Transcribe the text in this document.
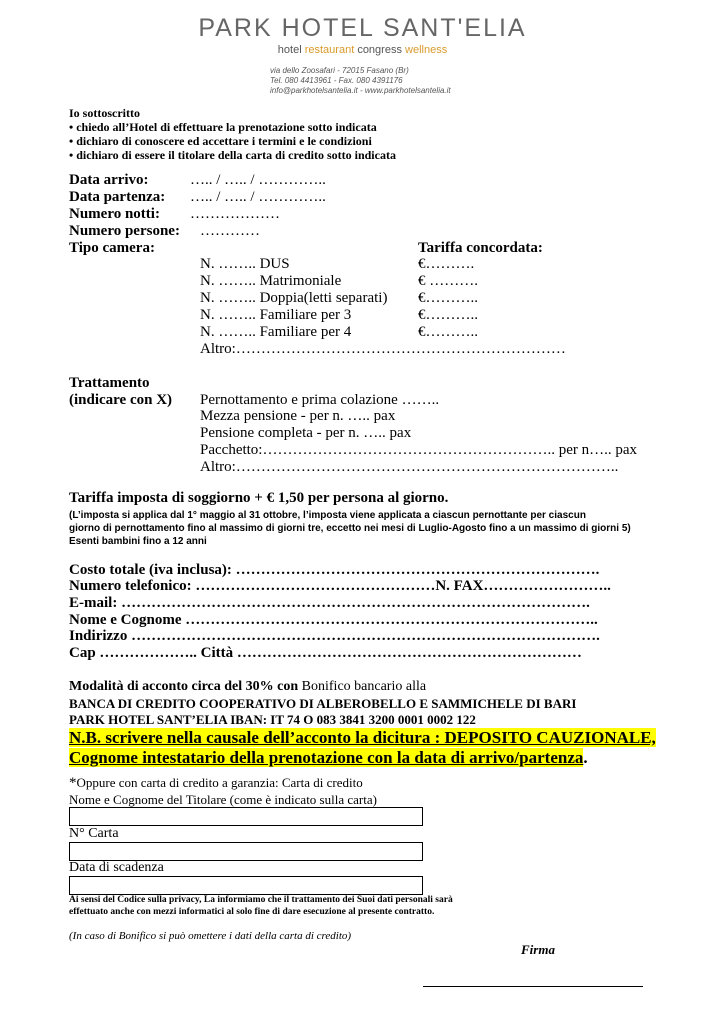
PARK HOTEL SANT'ELIA
hotel restaurant congress wellness
via dello Zoosafari - 72015 Fasano (Br)
Tel. 080 4413961 - Fax. 080 4391176
info@parkhotelsantelia.it - www.parkhotelsantelia.it
Io sottoscritto
• chiedo all’Hotel di effettuare la prenotazione sotto indicata
• dichiaro di conoscere ed accettare i termini e le condizioni
• dichiaro di essere il titolare della carta di credito sotto indicata
Data arrivo:	….. / ….. / …………..
Data partenza: ….. / ….. / …………..
Numero notti: ………………
Numero persone: …………
Tipo camera:	Tariffa concordata:
N. …….. DUS	€……….
N. …….. Matrimoniale	€ ……….
N. …….. Doppia(letti separati) €………..
N. …….. Familiare per 3	€………..
N. …….. Familiare per 4	€………..
Altro:…………………………………………………………
Trattamento
(indicare con X) Pernottamento e prima colazione ……..
Mezza pensione - per n. ….. pax
Pensione completa - per n. ….. pax
Pacchetto:………………………………………………….. per n….. pax
Altro:…………………………………………………………………..
Tariffa imposta di soggiorno + € 1,50 per persona al giorno.
(L’imposta si applica dal 1° maggio al 31 ottobre, l’imposta viene applicata a ciascun pernottante per ciascun
giorno di pernottamento fino al massimo di giorni tre, eccetto nei mesi di Luglio-Agosto fino a un massimo di giorni 5)
Esenti bambini fino a 12 anni
Costo totale (iva inclusa): ……………………………………………………………….
Numero telefonico: …………………………………………N. FAX……………………..
E-mail: ………………………………………………………………………………….
Nome e Cognome ………………………………………………………………………..
Indirizzo ………………………………………………………………………………….
Cap ……………….. Città ……………………………………………………………
Modalità di acconto circa del 30% con Bonifico bancario alla
BANCA DI CREDITO COOPERATIVO DI ALBEROBELLO E SAMMICHELE DI BARI
PARK HOTEL SANT’ELIA IBAN: IT 74 O 083 3841 3200 0001 0002 122
N.B. scrivere nella causale dell’acconto la dicitura : DEPOSITO CAUZIONALE,
Cognome intestatario della prenotazione con la data di arrivo/partenza.
*Oppure con carta di credito a garanzia: Carta di credito
Nome e Cognome del Titolare (come è indicato sulla carta)
N° Carta
Data di scadenza
Ai sensi del Codice sulla privacy, La informiamo che il trattamento dei Suoi dati personali sarà
effettuato anche con mezzi informatici al solo fine di dare esecuzione al presente contratto.
(In caso di Bonifico si può omettere i dati della carta di credito)
Firma
